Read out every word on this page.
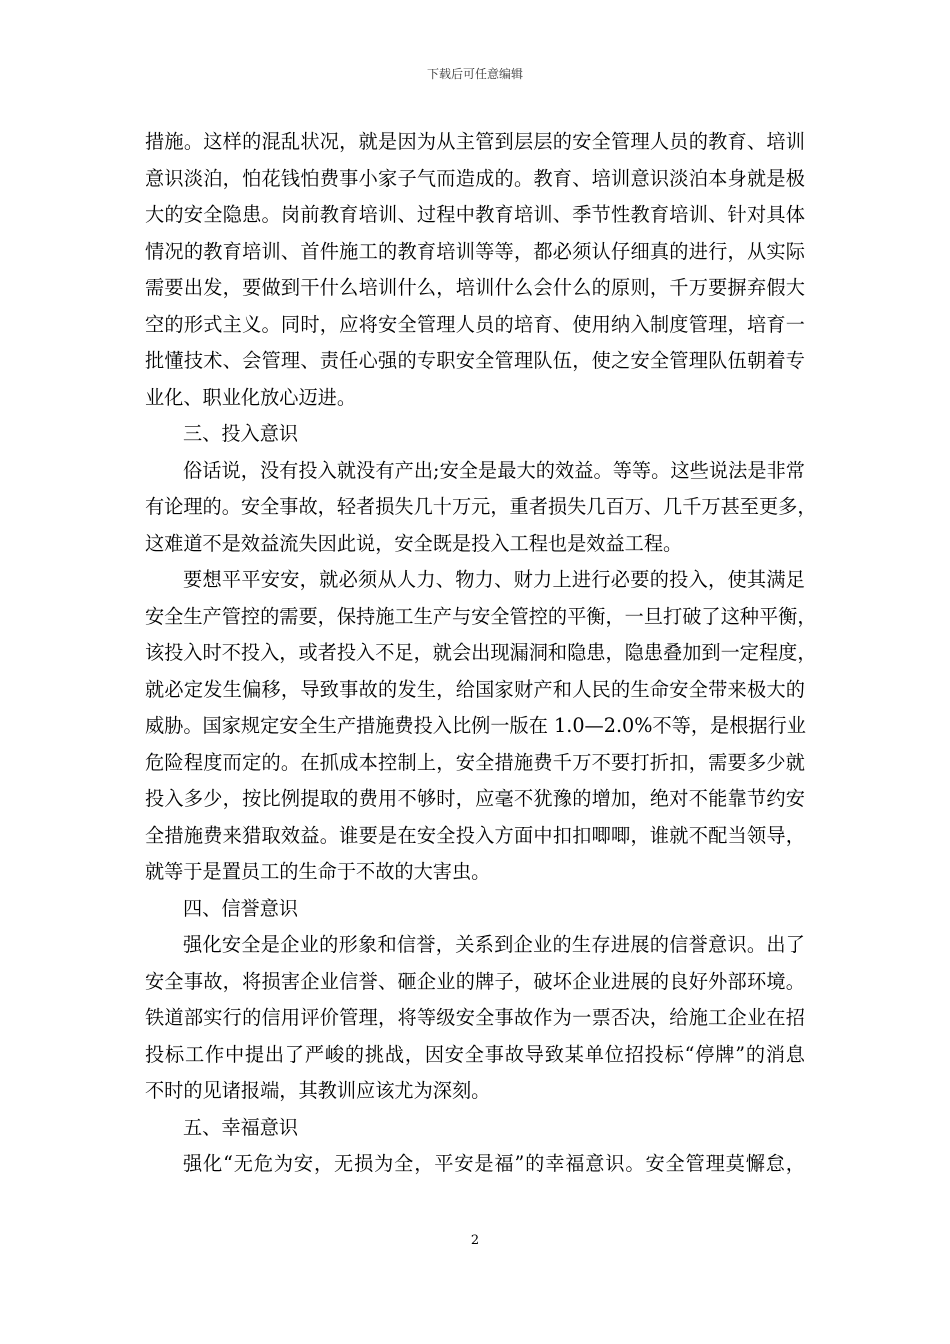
下载后可任意编辑
措施。这样的混乱状况，就是因为从主管到层层的安全管理人员的教育、培训
意识淡泊，怕花钱怕费事小家子气而造成的。教育、培训意识淡泊本身就是极
大的安全隐患。岗前教育培训、过程中教育培训、季节性教育培训、针对具体
情况的教育培训、首件施工的教育培训等等，都必须认仔细真的进行，从实际
需要出发，要做到干什么培训什么，培训什么会什么的原则，千万要摒弃假大
空的形式主义。同时，应将安全管理人员的培育、使用纳入制度管理，培育一
批懂技术、会管理、责任心强的专职安全管理队伍，使之安全管理队伍朝着专
业化、职业化放心迈进。
三、投入意识
俗话说，没有投入就没有产出;安全是最大的效益。等等。这些说法是非常
有论理的。安全事故，轻者损失几十万元，重者损失几百万、几千万甚至更多，
这难道不是效益流失因此说，安全既是投入工程也是效益工程。
要想平平安安，就必须从人力、物力、财力上进行必要的投入，使其满足
安全生产管控的需要，保持施工生产与安全管控的平衡，一旦打破了这种平衡，
该投入时不投入，或者投入不足，就会出现漏洞和隐患，隐患叠加到一定程度，
就必定发生偏移，导致事故的发生，给国家财产和人民的生命安全带来极大的
威胁。国家规定安全生产措施费投入比例一版在 1.0—2.0%不等，是根据行业
危险程度而定的。在抓成本控制上，安全措施费千万不要打折扣，需要多少就
投入多少，按比例提取的费用不够时，应毫不犹豫的增加，绝对不能靠节约安
全措施费来猎取效益。谁要是在安全投入方面中扣扣唧唧，谁就不配当领导，
就等于是置员工的生命于不故的大害虫。
四、信誉意识
强化安全是企业的形象和信誉，关系到企业的生存进展的信誉意识。出了
安全事故，将损害企业信誉、砸企业的牌子，破坏企业进展的良好外部环境。
铁道部实行的信用评价管理，将等级安全事故作为一票否决，给施工企业在招
投标工作中提出了严峻的挑战，因安全事故导致某单位招投标“停牌”的消息
不时的见诸报端，其教训应该尤为深刻。
五、幸福意识
强化“无危为安，无损为全，平安是福”的幸福意识。安全管理莫懈怠，
2
